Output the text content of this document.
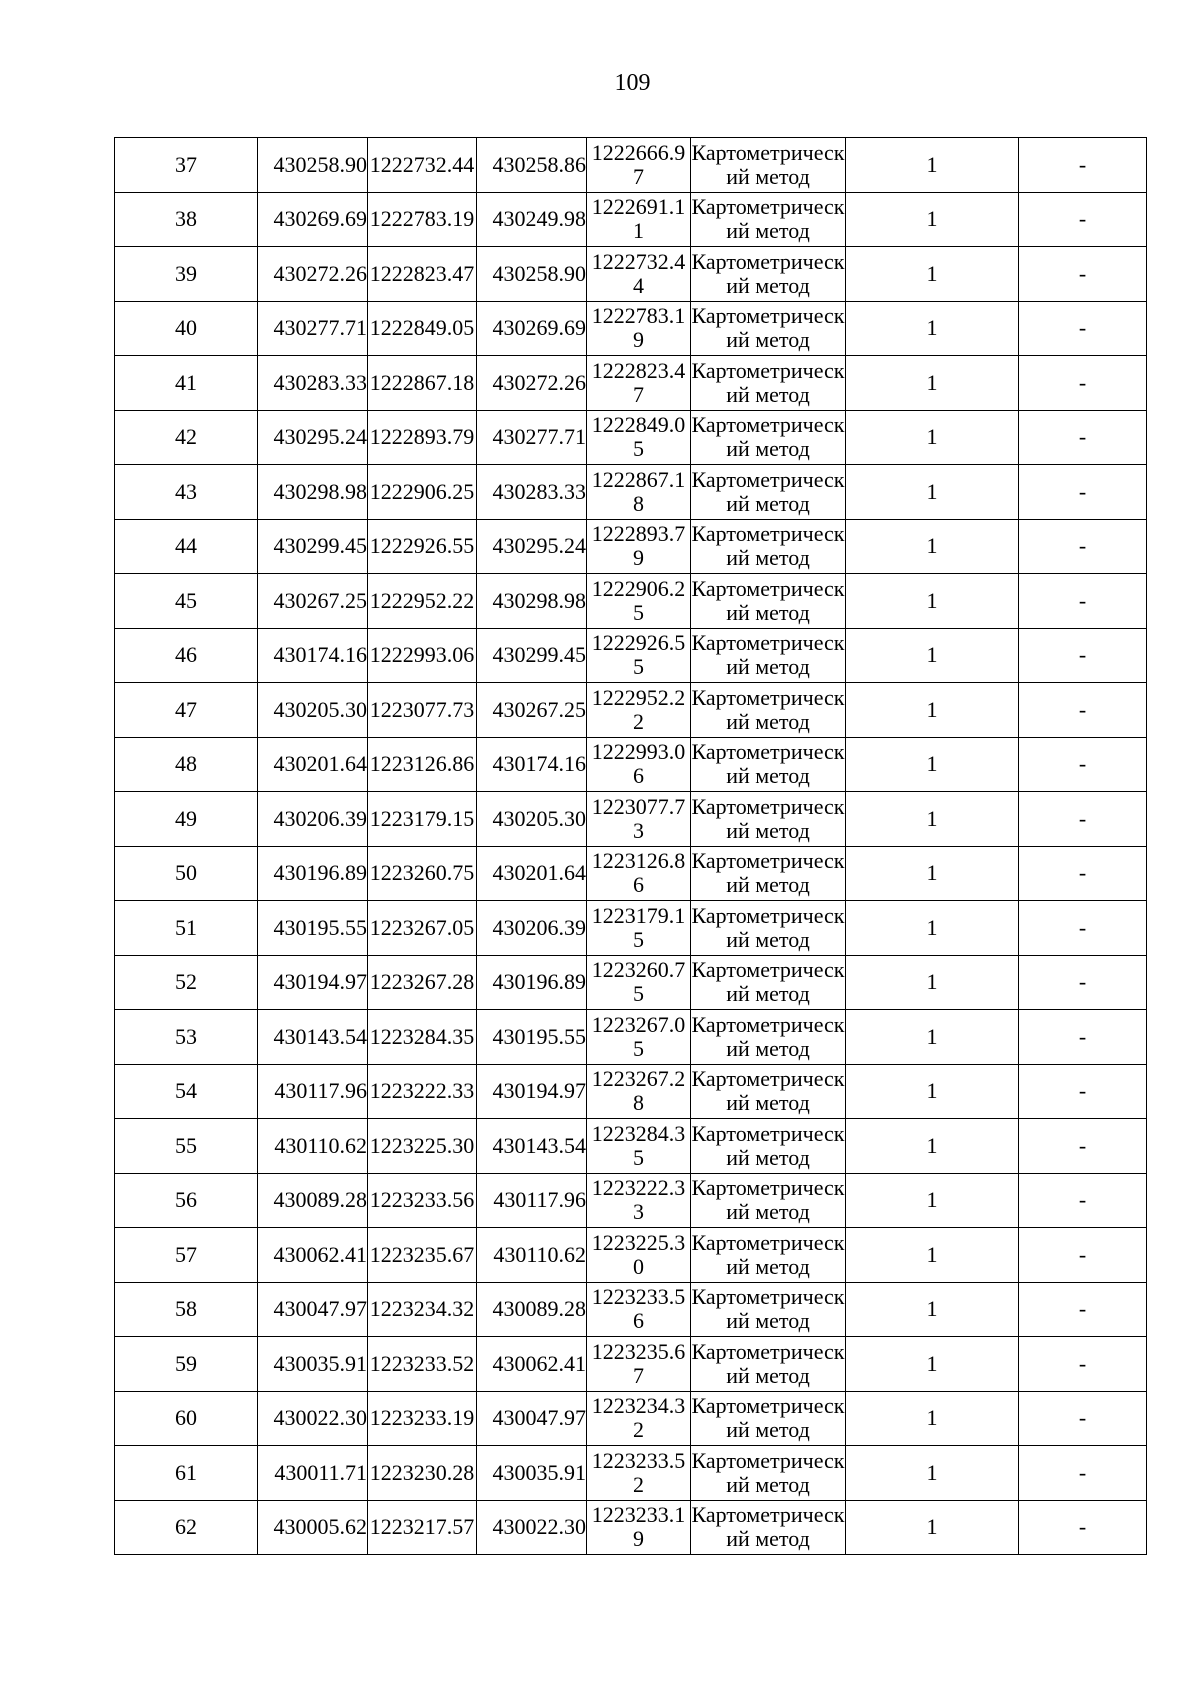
109
37	430258.90	1222732.44	430258.86	1222666.97	Картометрический метод	1	-
38	430269.69	1222783.19	430249.98	1222691.11	Картометрический метод	1	-
39	430272.26	1222823.47	430258.90	1222732.44	Картометрический метод	1	-
40	430277.71	1222849.05	430269.69	1222783.19	Картометрический метод	1	-
41	430283.33	1222867.18	430272.26	1222823.47	Картометрический метод	1	-
42	430295.24	1222893.79	430277.71	1222849.05	Картометрический метод	1	-
43	430298.98	1222906.25	430283.33	1222867.18	Картометрический метод	1	-
44	430299.45	1222926.55	430295.24	1222893.79	Картометрический метод	1	-
45	430267.25	1222952.22	430298.98	1222906.25	Картометрический метод	1	-
46	430174.16	1222993.06	430299.45	1222926.55	Картометрический метод	1	-
47	430205.30	1223077.73	430267.25	1222952.22	Картометрический метод	1	-
48	430201.64	1223126.86	430174.16	1222993.06	Картометрический метод	1	-
49	430206.39	1223179.15	430205.30	1223077.73	Картометрический метод	1	-
50	430196.89	1223260.75	430201.64	1223126.86	Картометрический метод	1	-
51	430195.55	1223267.05	430206.39	1223179.15	Картометрический метод	1	-
52	430194.97	1223267.28	430196.89	1223260.75	Картометрический метод	1	-
53	430143.54	1223284.35	430195.55	1223267.05	Картометрический метод	1	-
54	430117.96	1223222.33	430194.97	1223267.28	Картометрический метод	1	-
55	430110.62	1223225.30	430143.54	1223284.35	Картометрический метод	1	-
56	430089.28	1223233.56	430117.96	1223222.33	Картометрический метод	1	-
57	430062.41	1223235.67	430110.62	1223225.30	Картометрический метод	1	-
58	430047.97	1223234.32	430089.28	1223233.56	Картометрический метод	1	-
59	430035.91	1223233.52	430062.41	1223235.67	Картометрический метод	1	-
60	430022.30	1223233.19	430047.97	1223234.32	Картометрический метод	1	-
61	430011.71	1223230.28	430035.91	1223233.52	Картометрический метод	1	-
62	430005.62	1223217.57	430022.30	1223233.19	Картометрический метод	1	-
